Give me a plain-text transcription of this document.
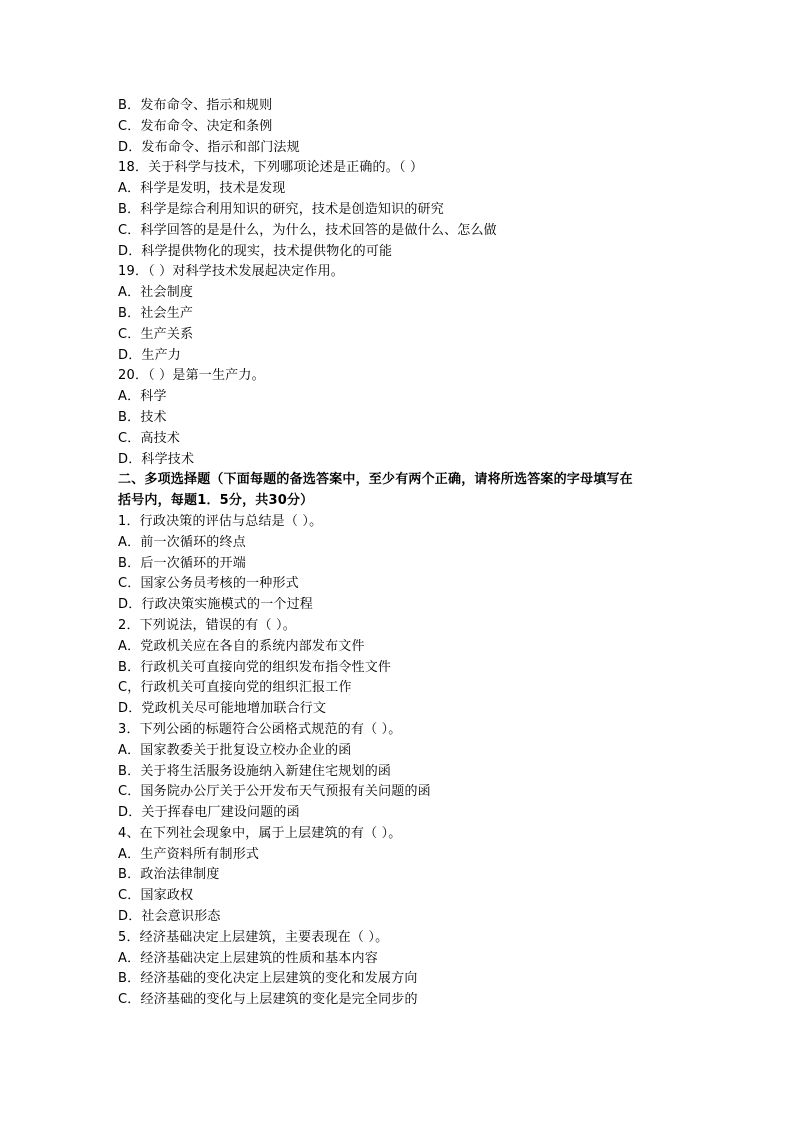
B．发布命令、指示和规则
C．发布命令、决定和条例
D．发布命令、指示和部门法规
18．关于科学与技术，下列哪项论述是正确的。（ ）
A．科学是发明，技术是发现
B．科学是综合利用知识的研究，技术是创造知识的研究
C．科学回答的是是什么，为什么，技术回答的是做什么、怎么做
D．科学提供物化的现实，技术提供物化的可能
19．（ ）对科学技术发展起决定作用。
A．社会制度
B．社会生产
C．生产关系
D．生产力
20．（ ）是第一生产力。
A．科学
B．技术
C．高技术
D．科学技术
二、多项选择题（下面每题的备选答案中，至少有两个正确，请将所选答案的字母填写在
括号内，每题1．5分，共30分）
1．行政决策的评估与总结是（ ）。
A．前一次循环的终点
B．后一次循环的开端
C．国家公务员考核的一种形式
D．行政决策实施模式的一个过程
2．下列说法，错误的有（ ）。
A．党政机关应在各自的系统内部发布文件
B．行政机关可直接向党的组织发布指令性文件
C，行政机关可直接向党的组织汇报工作
D．党政机关尽可能地增加联合行文
3．下列公函的标题符合公函格式规范的有（ ）。
A．国家教委关于批复设立校办企业的函
B．关于将生活服务设施纳入新建住宅规划的函
C．国务院办公厅关于公开发布天气预报有关问题的函
D．关于挥春电厂建设问题的函
4、在下列社会现象中，属于上层建筑的有（ ）。
A．生产资料所有制形式
B．政治法律制度
C．国家政权
D．社会意识形态
5．经济基础决定上层建筑，主要表现在（ ）。
A．经济基础决定上层建筑的性质和基本内容
B．经济基础的变化决定上层建筑的变化和发展方向
C．经济基础的变化与上层建筑的变化是完全同步的
